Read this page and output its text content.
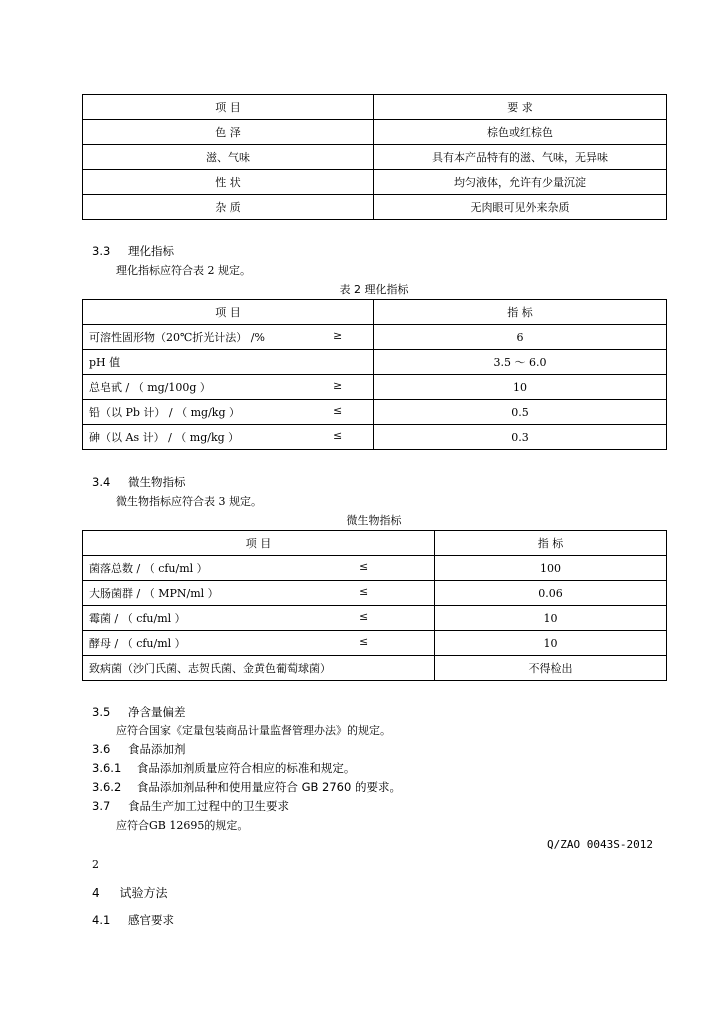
项 目	要 求
色 泽	棕色或红棕色
滋、气味	具有本产品特有的滋、气味，无异味
性 状	均匀液体，允许有少量沉淀
杂 质	无肉眼可见外来杂质
3.3 理化指标
理化指标应符合表 2 规定。
表 2 理化指标
项 目	指 标

可溶性固形物（20℃折光计法） /% ≥	6

pH 值	3.5 ～ 6.0

总皂甙 / （ mg/100g ） ≥	10

铅（以 Pb 计） / （ mg/kg ） ≤	0.5

砷（以 As 计） / （ mg/kg ） ≤	0.3
3.4 微生物指标
微生物指标应符合表 3 规定。
微生物指标
项 目	指 标

菌落总数 / （ cfu/ml ） ≤	100

大肠菌群 / （ MPN/ml ） ≤	0.06

霉菌 / （ cfu/ml ） ≤	10

酵母 / （ cfu/ml ） ≤	10

致病菌（沙门氏菌、志贺氏菌、金黄色葡萄球菌）	不得检出
3.5 净含量偏差
应符合国家《定量包装商品计量监督管理办法》的规定。
3.6 食品添加剂
3.6.1 食品添加剂质量应符合相应的标准和规定。
3.6.2 食品添加剂品种和使用量应符合 GB 2760 的要求。
3.7 食品生产加工过程中的卫生要求
应符合GB 12695的规定。
Q/ZAO 0043S-2012
2
4 试验方法
4.1 感官要求
